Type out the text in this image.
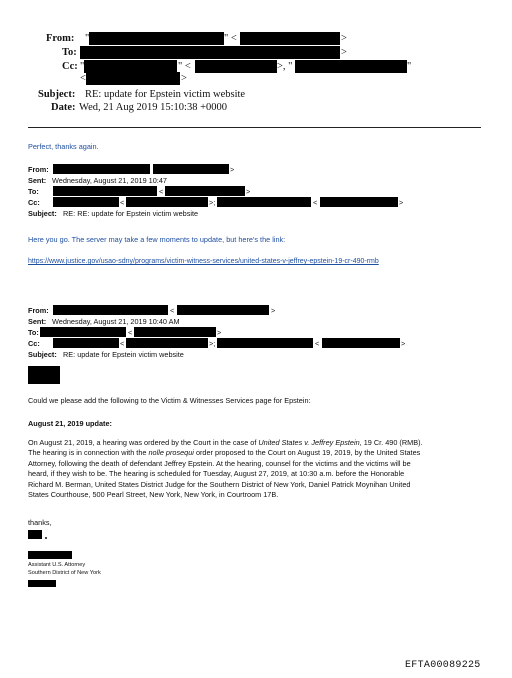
From: "	" <	>
To:	>
Cc: "	" <	>, "	"
<	>
Subject: RE: update for Epstein victim website
Date: Wed, 21 Aug 2019 15:10:38 +0000
Perfect, thanks again.
From:	>
Sent: Wednesday, August 21, 2019 10:47
To:	<	>
Cc:	<	>;	<	>
Subject: RE: RE: update for Epstein victim website
Here you go. The server may take a few moments to update, but here's the link:
https://www.justice.gov/usao-sdny/programs/victim-witness-services/united-states-v-jeffrey-epstein-19-cr-490-rmb
From:	<	>
Sent: Wednesday, August 21, 2019 10:40 AM
To:	<	>
Cc:	<	>;	<	>
Subject: RE: update for Epstein victim website
Could we please add the following to the Victim & Witnesses Services page for Epstein:
August 21, 2019 update:
On August 21, 2019, a hearing was ordered by the Court in the case of United States v. Jeffrey Epstein, 19 Cr. 490 (RMB).
The hearing is in connection with the nolle prosequi order proposed to the Court on August 19, 2019, by the United States
Attorney, following the death of defendant Jeffrey Epstein. At the hearing, counsel for the victims and the victims will be
heard, if they wish to be. The hearing is scheduled for Tuesday, August 27, 2019, at 10:30 a.m. before the Honorable
Richard M. Berman, United States District Judge for the Southern District of New York, Daniel Patrick Moynihan United
States Courthouse, 500 Pearl Street, New York, New York, in Courtroom 17B.
thanks,
Assistant U.S. Attorney
Southern District of New York
EFTA00089225
